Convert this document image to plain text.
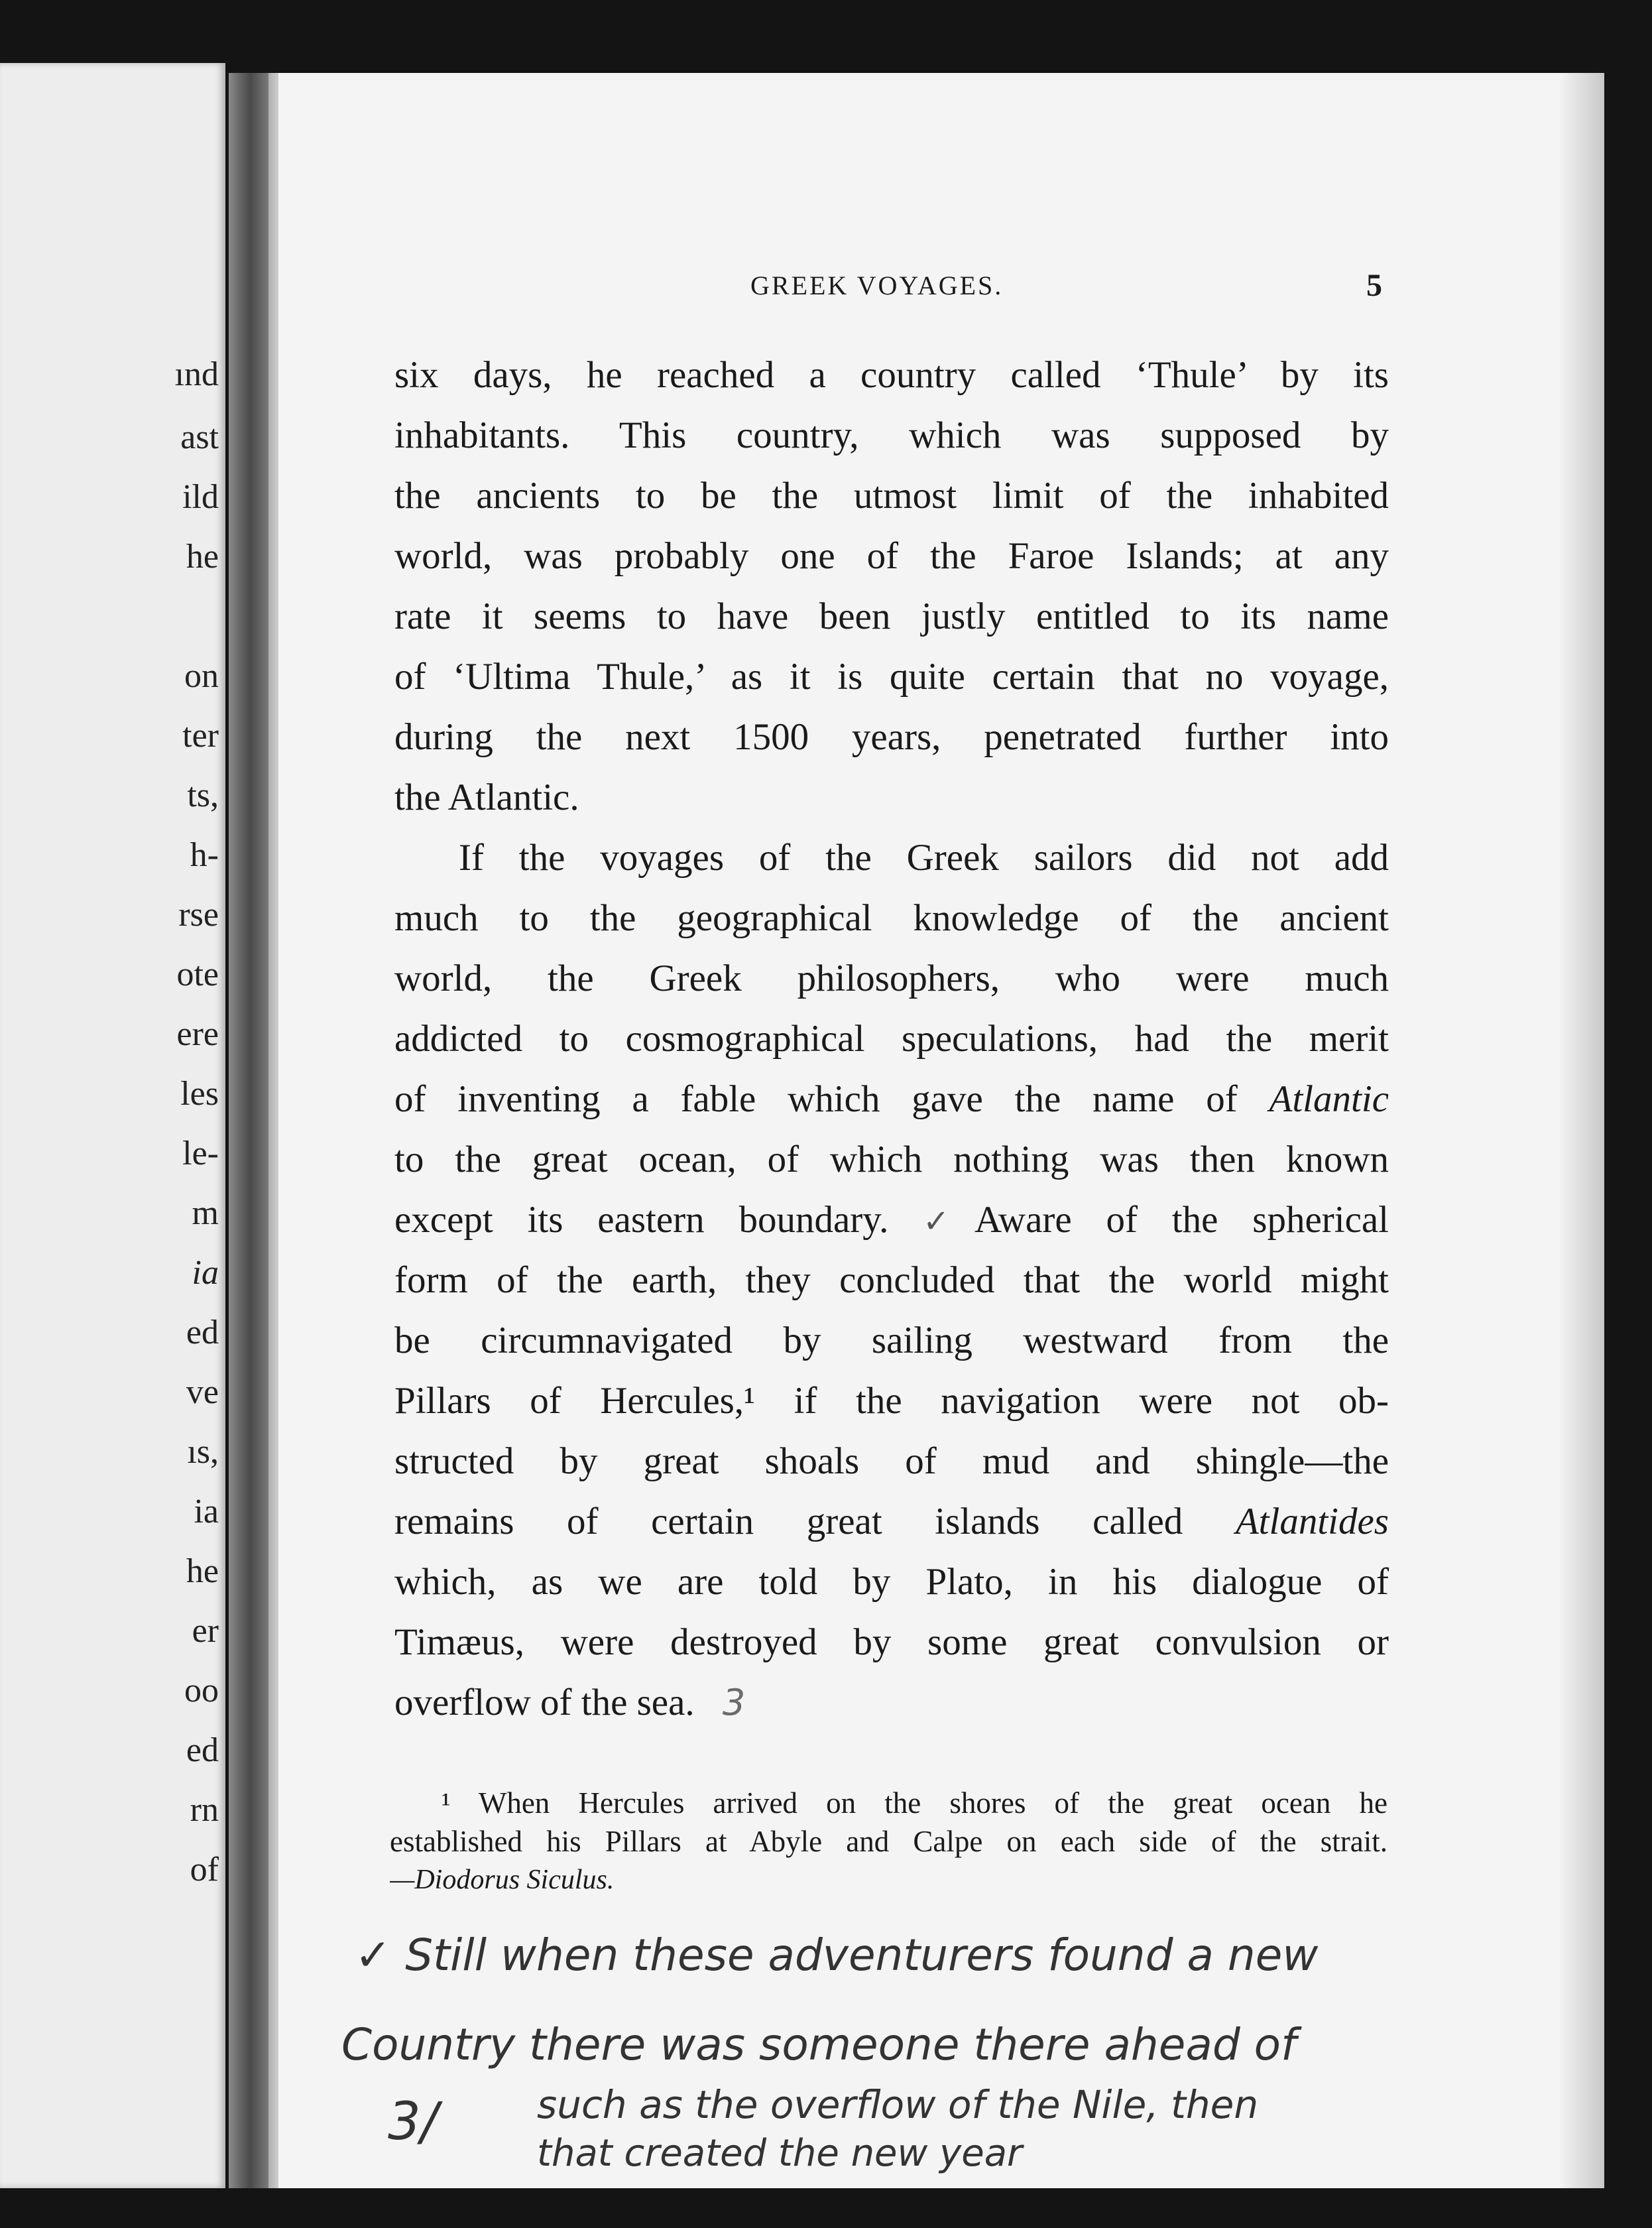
ınd
ast
ild
he
on
ter
ts,
h-
rse
ote
ere
les
le-
m
ia
ed
ve
ıs,
ia
he
er
oo
ed
rn
of
GREEK VOYAGES.	5
six days, he reached a country called ‘Thule’ by its
inhabitants. This country, which was supposed by
the ancients to be the utmost limit of the inhabited
world, was probably one of the Faroe Islands; at any
rate it seems to have been justly entitled to its name
of ‘Ultima Thule,’ as it is quite certain that no voyage,
during the next 1500 years, penetrated further into
the Atlantic.
If the voyages of the Greek sailors did not add
much to the geographical knowledge of the ancient
world, the Greek philosophers, who were much
addicted to cosmographical speculations, had the merit
of inventing a fable which gave the name of Atlantic
to the great ocean, of which nothing was then known
except its eastern boundary. ✓Aware of the spherical
form of the earth, they concluded that the world might
be circumnavigated by sailing westward from the
Pillars of Hercules,¹ if the navigation were not ob-
structed by great shoals of mud and shingle—the
remains of certain great islands called Atlantides
which, as we are told by Plato, in his dialogue of
Timæus, were destroyed by some great convulsion or
overflow of the sea. 3
¹ When Hercules arrived on the shores of the great ocean he
established his Pillars at Abyle and Calpe on each side of the strait.
—Diodorus Siculus.
✓ Still when these adventurers found a new
Country there was someone there ahead of
3/	such as the overflow of the Nile, then
that created the new year
